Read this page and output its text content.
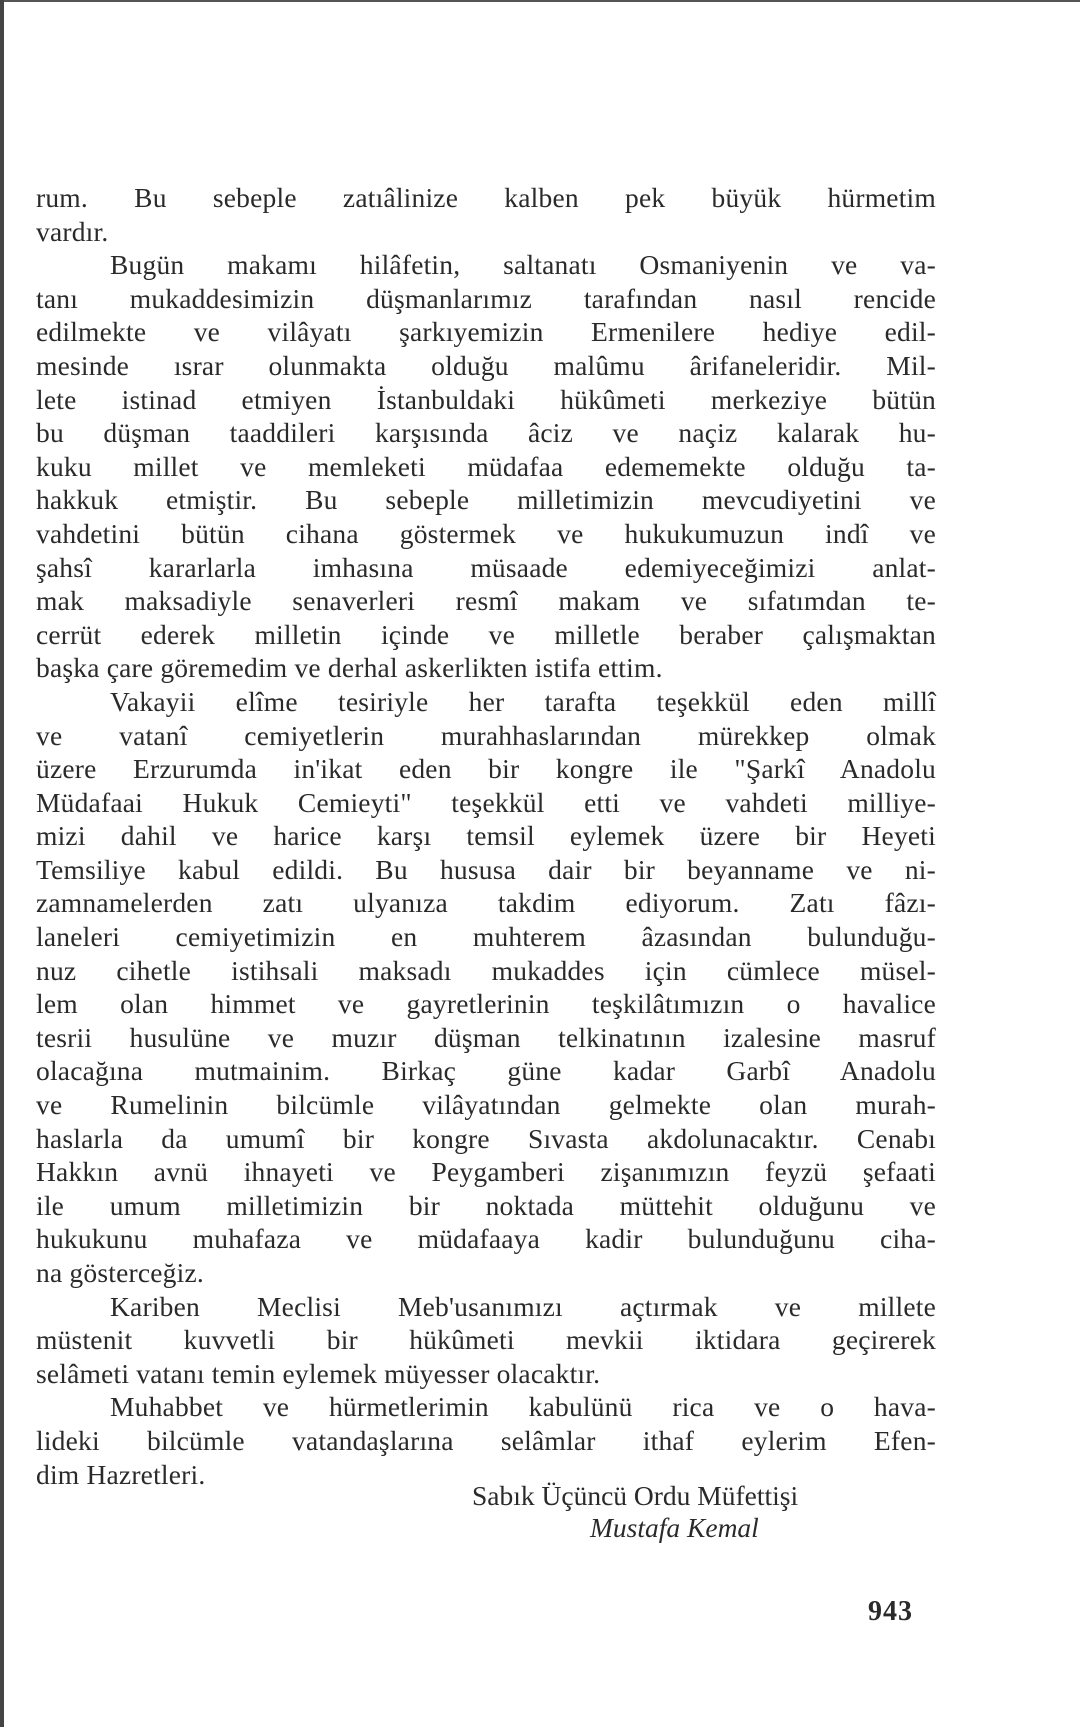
rum. Bu sebeple zatıâlinize kalben pek büyük hürmetim
vardır.
Bugün makamı hilâfetin, saltanatı Osmaniyenin ve va-
tanı mukaddesimizin düşmanlarımız tarafından nasıl rencide
edilmekte ve vilâyatı şarkıyemizin Ermenilere hediye edil-
mesinde ısrar olunmakta olduğu malûmu ârifaneleridir. Mil-
lete istinad etmiyen İstanbuldaki hükûmeti merkeziye bütün
bu düşman taaddileri karşısında âciz ve naçiz kalarak hu-
kuku millet ve memleketi müdafaa edememekte olduğu ta-
hakkuk etmiştir. Bu sebeple milletimizin mevcudiyetini ve
vahdetini bütün cihana göstermek ve hukukumuzun indî ve
şahsî kararlarla imhasına müsaade edemiyeceğimizi anlat-
mak maksadiyle senaverleri resmî makam ve sıfatımdan te-
cerrüt ederek milletin içinde ve milletle beraber çalışmaktan
başka çare göremedim ve derhal askerlikten istifa ettim.
Vakayii elîme tesiriyle her tarafta teşekkül eden millî
ve vatanî cemiyetlerin murahhaslarından mürekkep olmak
üzere Erzurumda in'ikat eden bir kongre ile "Şarkî Anadolu
Müdafaai Hukuk Cemieyti" teşekkül etti ve vahdeti milliye-
mizi dahil ve harice karşı temsil eylemek üzere bir Heyeti
Temsiliye kabul edildi. Bu hususa dair bir beyanname ve ni-
zamnamelerden zatı ulyanıza takdim ediyorum. Zatı fâzı-
laneleri cemiyetimizin en muhterem âzasından bulunduğu-
nuz cihetle istihsali maksadı mukaddes için cümlece müsel-
lem olan himmet ve gayretlerinin teşkilâtımızın o havalice
tesrii husulüne ve muzır düşman telkinatının izalesine masruf
olacağına mutmainim. Birkaç güne kadar Garbî Anadolu
ve Rumelinin bilcümle vilâyatından gelmekte olan murah-
haslarla da umumî bir kongre Sıvasta akdolunacaktır. Cenabı
Hakkın avnü ihnayeti ve Peygamberi zişanımızın feyzü şefaati
ile umum milletimizin bir noktada müttehit olduğunu ve
hukukunu muhafaza ve müdafaaya kadir bulunduğunu ciha-
na gösterceğiz.
Kariben Meclisi Meb'usanımızı açtırmak ve millete
müstenit kuvvetli bir hükûmeti mevkii iktidara geçirerek
selâmeti vatanı temin eylemek müyesser olacaktır.
Muhabbet ve hürmetlerimin kabulünü rica ve o hava-
lideki bilcümle vatandaşlarına selâmlar ithaf eylerim Efen-
dim Hazretleri.
Sabık Üçüncü Ordu Müfettişi
Mustafa Kemal
943
